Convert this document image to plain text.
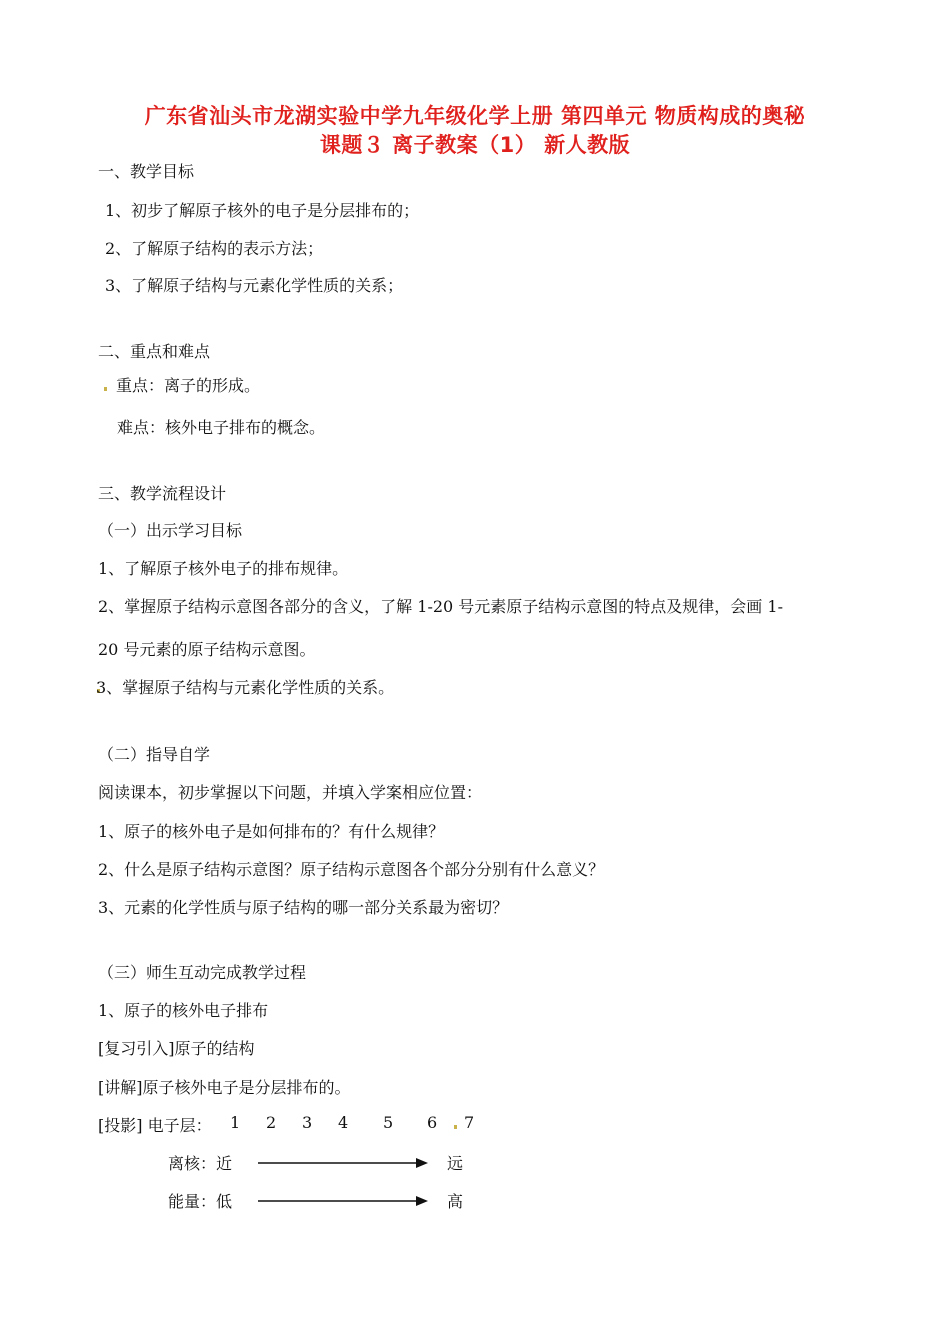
广东省汕头市龙湖实验中学九年级化学上册 第四单元 物质构成的奥秘
课题３ 离子教案（1） 新人教版
一、教学目标
1、初步了解原子核外的电子是分层排布的；
2、了解原子结构的表示方法；
3、了解原子结构与元素化学性质的关系；
二、重点和难点
重点：离子的形成。
难点：核外电子排布的概念。
三、教学流程设计
（一）出示学习目标
1、了解原子核外电子的排布规律。
2、掌握原子结构示意图各部分的含义，了解 1-20 号元素原子结构示意图的特点及规律，会画 1-
20 号元素的原子结构示意图。
3、掌握原子结构与元素化学性质的关系。
（二）指导自学
阅读课本，初步掌握以下问题，并填入学案相应位置：
1、原子的核外电子是如何排布的？有什么规律？
2、什么是原子结构示意图？原子结构示意图各个部分分别有什么意义？
3、元素的化学性质与原子结构的哪一部分关系最为密切？
（三）师生互动完成教学过程
1、原子的核外电子排布
[复习引入]原子的结构
[讲解]原子核外电子是分层排布的。
[投影] 电子层： 1 2 3 4 5 6 7
离核：近	远
能量：低	高
